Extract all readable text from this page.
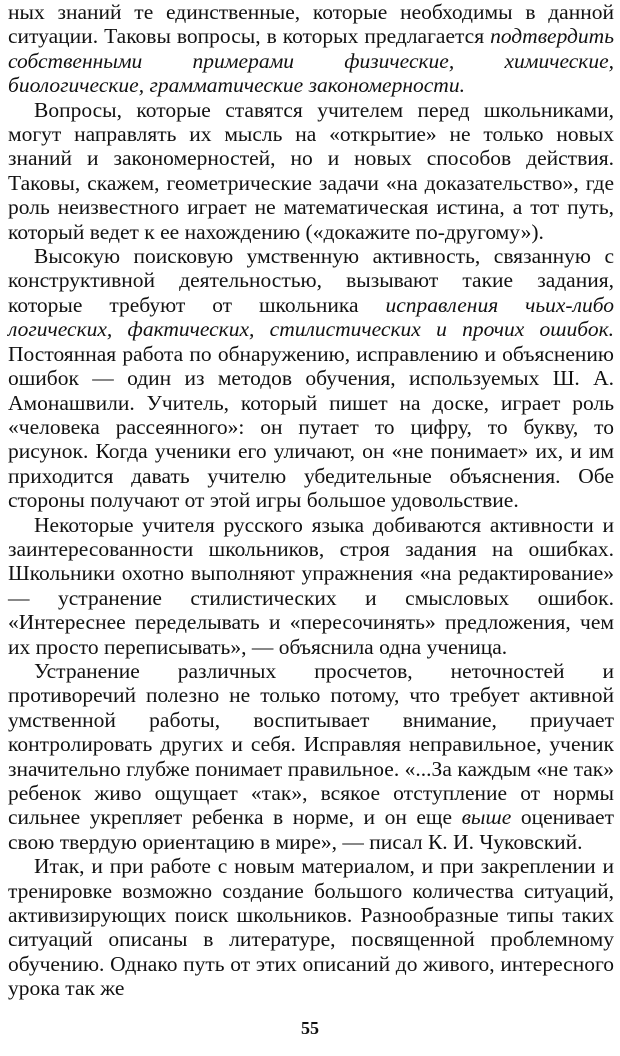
ных знаний те единственные, которые необходимы в данной ситуации. Таковы вопросы, в которых предлагается подтвердить собственными примерами физические, химические, биологические, грамматические закономерности.

Вопросы, которые ставятся учителем перед школьниками, могут направлять их мысль на «открытие» не только новых знаний и закономерностей, но и новых способов действия. Таковы, скажем, геометрические задачи «на доказательство», где роль неизвестного играет не математическая истина, а тот путь, который ведет к ее нахождению («докажите по-другому»).

Высокую поисковую умственную активность, связанную с конструктивной деятельностью, вызывают такие задания, которые требуют от школьника исправления чьих-либо логических, фактических, стилистических и прочих ошибок. Постоянная работа по обнаружению, исправлению и объяснению ошибок — один из методов обучения, используемых Ш. А. Амонашвили. Учитель, который пишет на доске, играет роль «человека рассеянного»: он путает то цифру, то букву, то рисунок. Когда ученики его уличают, он «не понимает» их, и им приходится давать учителю убедительные объяснения. Обе стороны получают от этой игры большое удовольствие.

Некоторые учителя русского языка добиваются активности и заинтересованности школьников, строя задания на ошибках. Школьники охотно выполняют упражнения «на редактирование» — устранение стилистических и смысловых ошибок. «Интереснее переделывать и «пересочинять» предложения, чем их просто переписывать», — объяснила одна ученица.

Устранение различных просчетов, неточностей и противоречий полезно не только потому, что требует активной умственной работы, воспитывает внимание, приучает контролировать других и себя. Исправляя неправильное, ученик значительно глубже понимает правильное. «...За каждым «не так» ребенок живо ощущает «так», всякое отступление от нормы сильнее укрепляет ребенка в норме, и он еще выше оценивает свою твердую ориентацию в мире», — писал К. И. Чуковский.

Итак, и при работе с новым материалом, и при закреплении и тренировке возможно создание большого количества ситуаций, активизирующих поиск школьников. Разнообразные типы таких ситуаций описаны в литературе, посвященной проблемному обучению. Однако путь от этих описаний до живого, интересного урока так же

55
